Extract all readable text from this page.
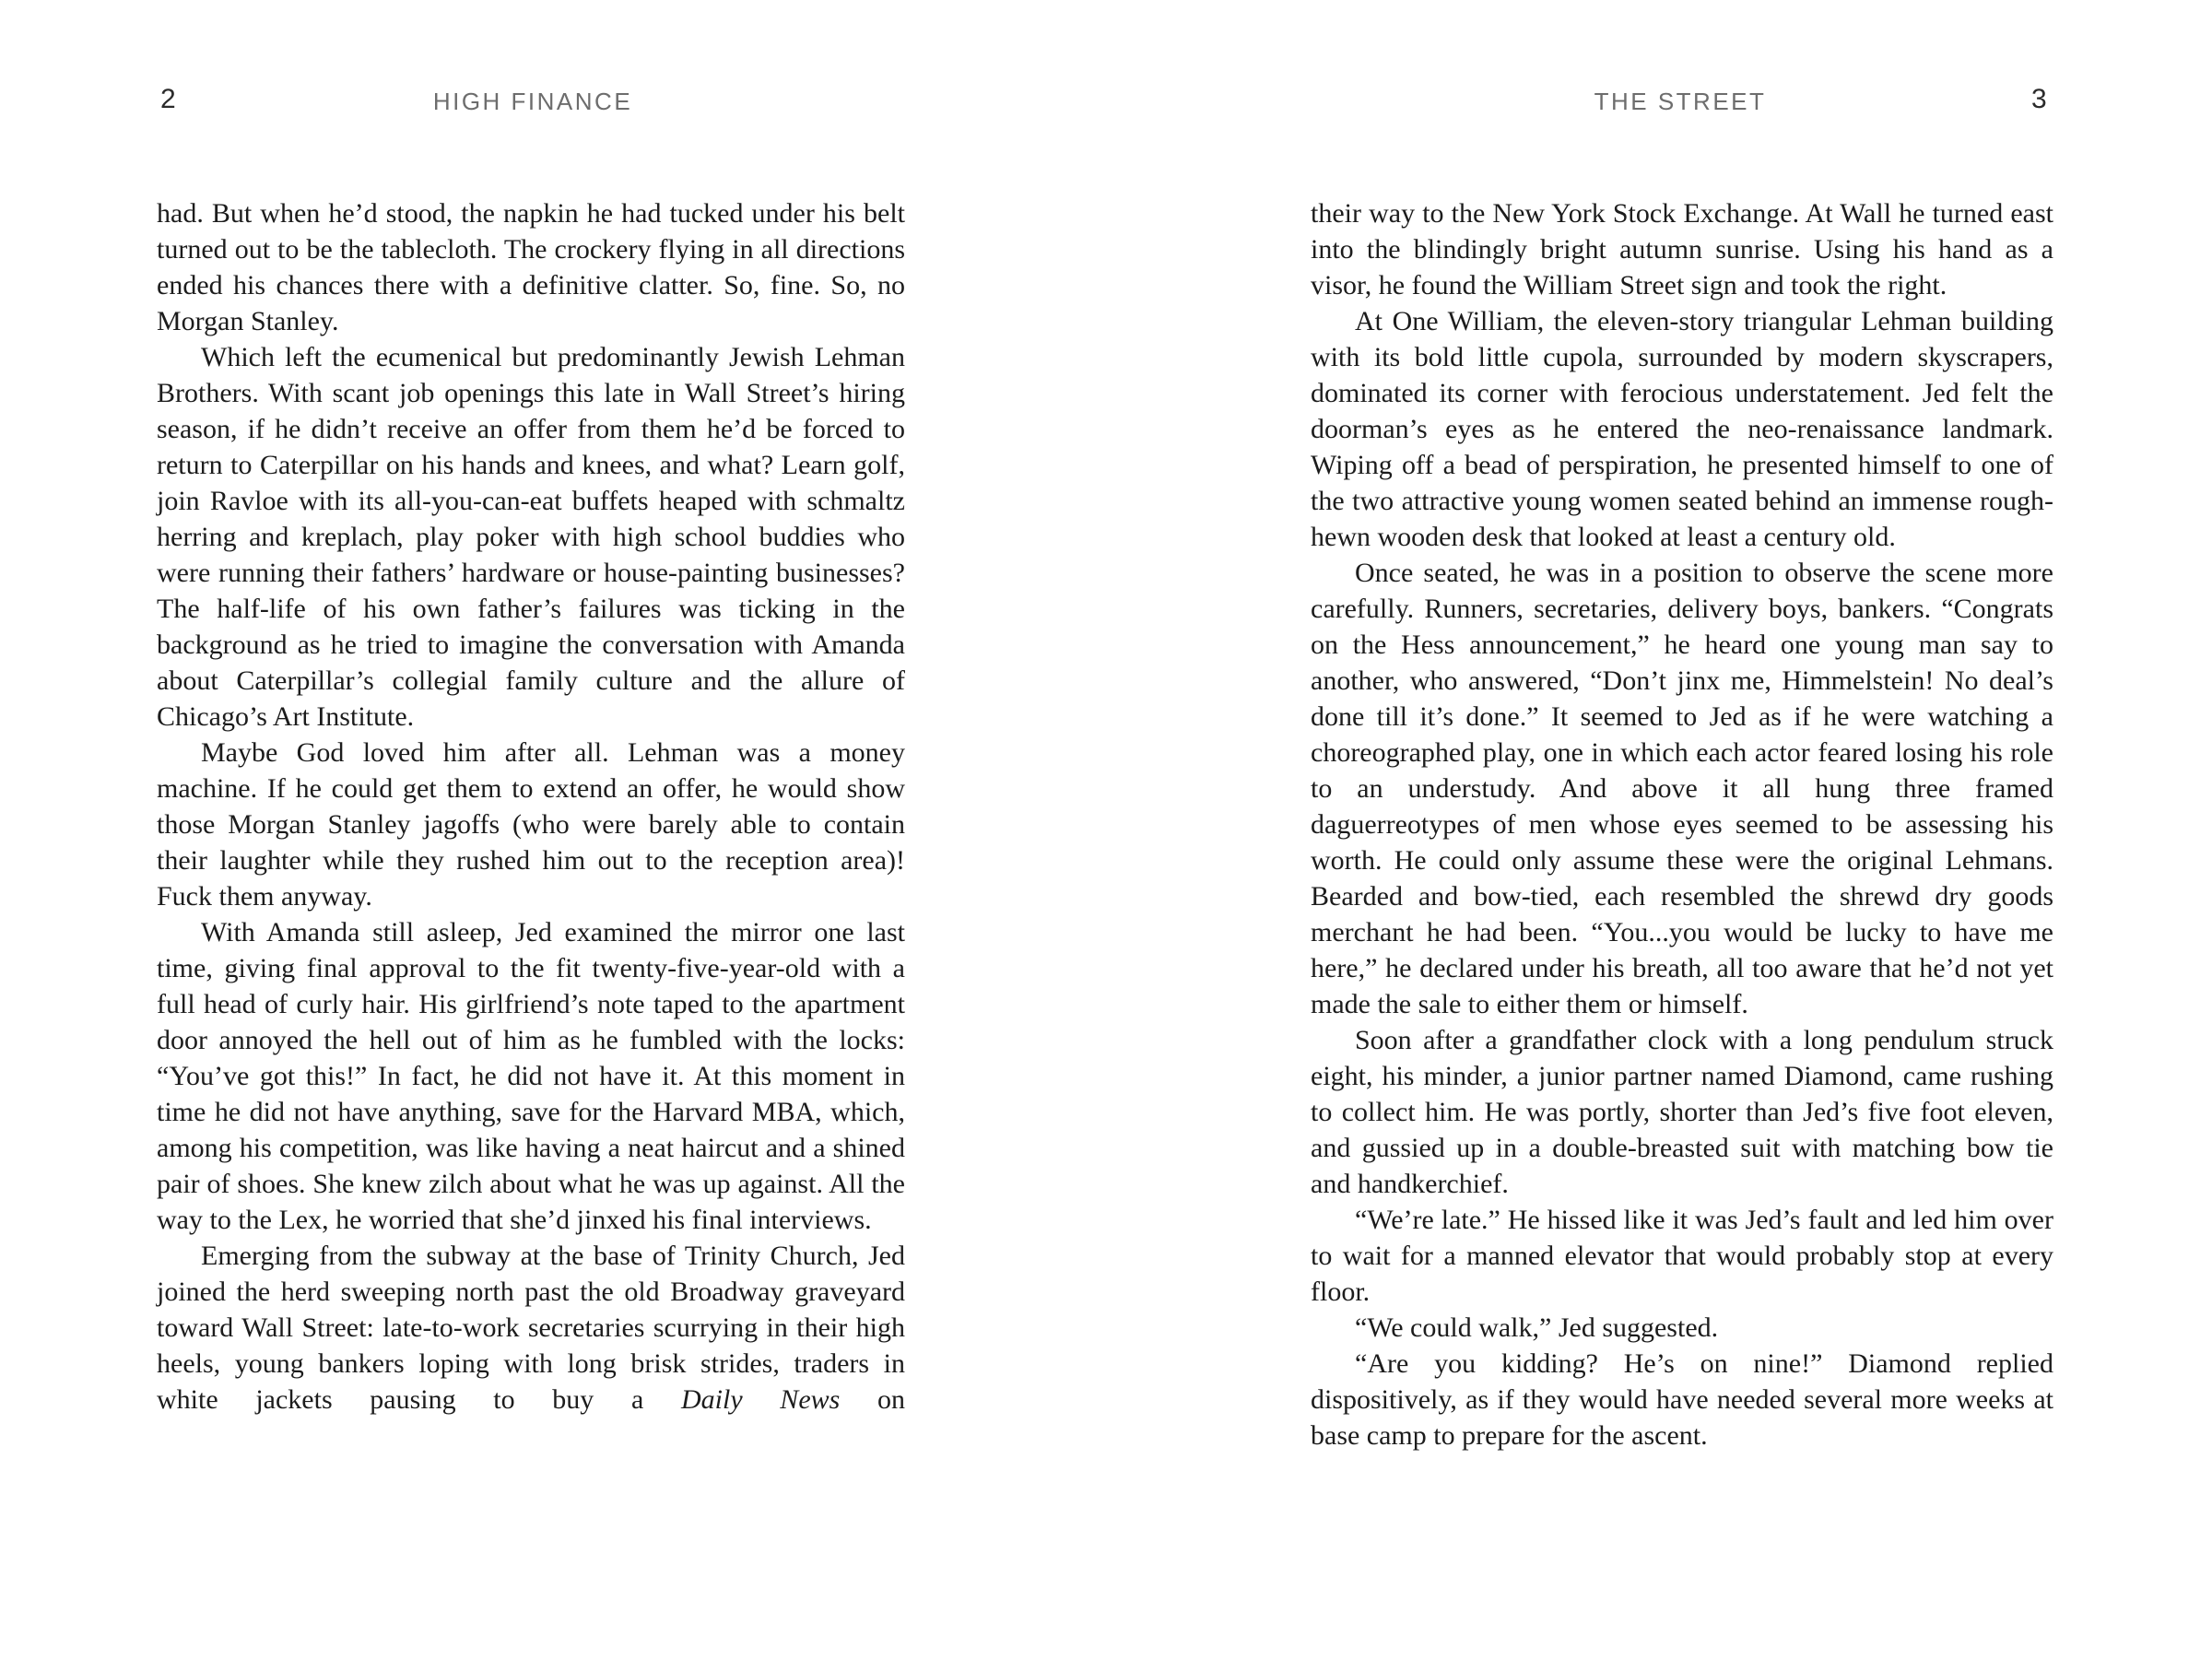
2	HIGH FINANCE	THE STREET	3

had. But when he’d stood, the napkin he had tucked under his belt turned out to be the tablecloth. The crockery flying in all directions ended his chances there with a definitive clatter. So, fine. So, no Morgan Stanley.

Which left the ecumenical but predominantly Jewish Lehman Brothers. With scant job openings this late in Wall Street’s hiring season, if he didn’t receive an offer from them he’d be forced to return to Caterpillar on his hands and knees, and what? Learn golf, join Ravloe with its all-you-can-eat buffets heaped with schmaltz herring and kreplach, play poker with high school buddies who were running their fathers’ hardware or house-painting businesses? The half-life of his own father’s failures was ticking in the background as he tried to imagine the conversation with Amanda about Caterpillar’s collegial family culture and the allure of Chicago’s Art Institute.

Maybe God loved him after all. Lehman was a money machine. If he could get them to extend an offer, he would show those Morgan Stanley jagoffs (who were barely able to contain their laughter while they rushed him out to the reception area)! Fuck them anyway.

With Amanda still asleep, Jed examined the mirror one last time, giving final approval to the fit twenty-five-year-old with a full head of curly hair. His girlfriend’s note taped to the apartment door annoyed the hell out of him as he fumbled with the locks: “You’ve got this!” In fact, he did not have it. At this moment in time he did not have anything, save for the Harvard MBA, which, among his competition, was like having a neat haircut and a shined pair of shoes. She knew zilch about what he was up against. All the way to the Lex, he worried that she’d jinxed his final interviews.

Emerging from the subway at the base of Trinity Church, Jed joined the herd sweeping north past the old Broadway graveyard toward Wall Street: late-to-work secretaries scurrying in their high heels, young bankers loping with long brisk strides, traders in white jackets pausing to buy a Daily News on

their way to the New York Stock Exchange. At Wall he turned east into the blindingly bright autumn sunrise. Using his hand as a visor, he found the William Street sign and took the right.

At One William, the eleven-story triangular Lehman building with its bold little cupola, surrounded by modern skyscrapers, dominated its corner with ferocious understatement. Jed felt the doorman’s eyes as he entered the neo-renaissance landmark. Wiping off a bead of perspiration, he presented himself to one of the two attractive young women seated behind an immense rough-hewn wooden desk that looked at least a century old.

Once seated, he was in a position to observe the scene more carefully. Runners, secretaries, delivery boys, bankers. “Congrats on the Hess announcement,” he heard one young man say to another, who answered, “Don’t jinx me, Himmelstein! No deal’s done till it’s done.” It seemed to Jed as if he were watching a choreographed play, one in which each actor feared losing his role to an understudy. And above it all hung three framed daguerreotypes of men whose eyes seemed to be assessing his worth. He could only assume these were the original Lehmans. Bearded and bow-tied, each resembled the shrewd dry goods merchant he had been. “You...you would be lucky to have me here,” he declared under his breath, all too aware that he’d not yet made the sale to either them or himself.

Soon after a grandfather clock with a long pendulum struck eight, his minder, a junior partner named Diamond, came rushing to collect him. He was portly, shorter than Jed’s five foot eleven, and gussied up in a double-breasted suit with matching bow tie and handkerchief.

“We’re late.” He hissed like it was Jed’s fault and led him over to wait for a manned elevator that would probably stop at every floor.

“We could walk,” Jed suggested.

“Are you kidding? He’s on nine!” Diamond replied dispositively, as if they would have needed several more weeks at base camp to prepare for the ascent.
